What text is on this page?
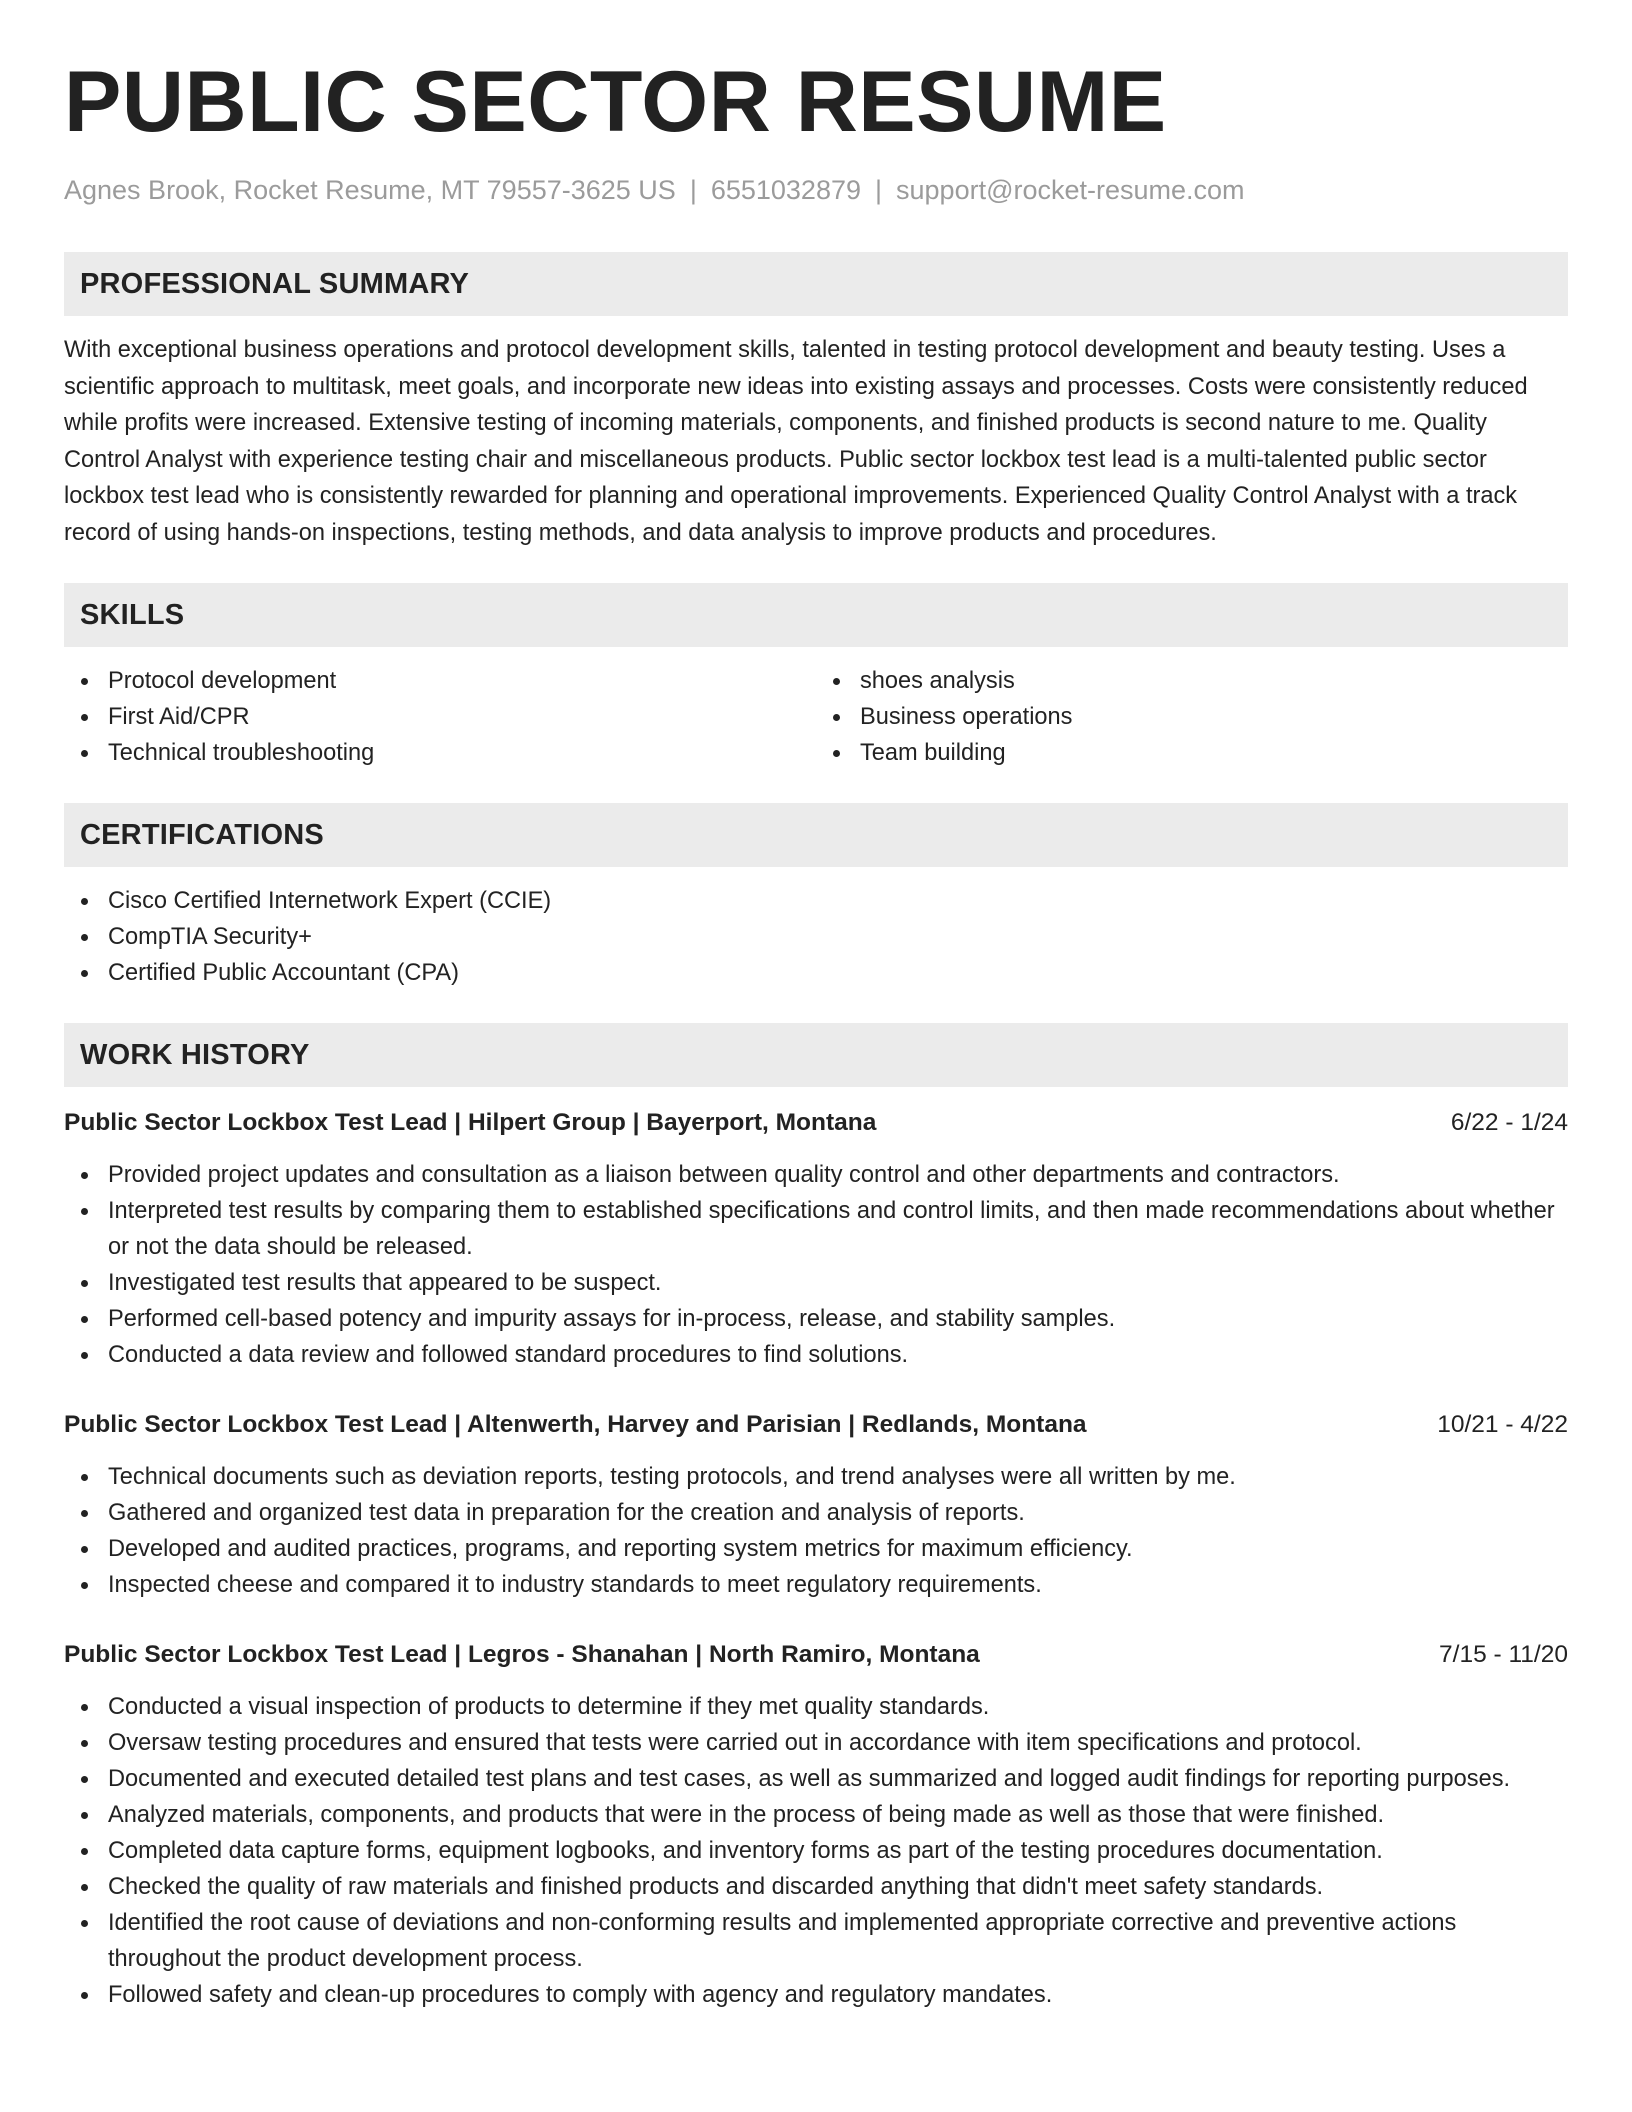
PUBLIC SECTOR RESUME
Agnes Brook, Rocket Resume, MT 79557-3625 US | 6551032879 | support@rocket-resume.com
PROFESSIONAL SUMMARY
With exceptional business operations and protocol development skills, talented in testing protocol development and beauty testing. Uses a scientific approach to multitask, meet goals, and incorporate new ideas into existing assays and processes. Costs were consistently reduced while profits were increased. Extensive testing of incoming materials, components, and finished products is second nature to me. Quality Control Analyst with experience testing chair and miscellaneous products. Public sector lockbox test lead is a multi-talented public sector lockbox test lead who is consistently rewarded for planning and operational improvements. Experienced Quality Control Analyst with a track record of using hands-on inspections, testing methods, and data analysis to improve products and procedures.
SKILLS
Protocol development
First Aid/CPR
Technical troubleshooting
shoes analysis
Business operations
Team building
CERTIFICATIONS
Cisco Certified Internetwork Expert (CCIE)
CompTIA Security+
Certified Public Accountant (CPA)
WORK HISTORY
Public Sector Lockbox Test Lead | Hilpert Group | Bayerport, Montana	6/22 - 1/24
Provided project updates and consultation as a liaison between quality control and other departments and contractors.
Interpreted test results by comparing them to established specifications and control limits, and then made recommendations about whether or not the data should be released.
Investigated test results that appeared to be suspect.
Performed cell-based potency and impurity assays for in-process, release, and stability samples.
Conducted a data review and followed standard procedures to find solutions.
Public Sector Lockbox Test Lead | Altenwerth, Harvey and Parisian | Redlands, Montana	10/21 - 4/22
Technical documents such as deviation reports, testing protocols, and trend analyses were all written by me.
Gathered and organized test data in preparation for the creation and analysis of reports.
Developed and audited practices, programs, and reporting system metrics for maximum efficiency.
Inspected cheese and compared it to industry standards to meet regulatory requirements.
Public Sector Lockbox Test Lead | Legros - Shanahan | North Ramiro, Montana	7/15 - 11/20
Conducted a visual inspection of products to determine if they met quality standards.
Oversaw testing procedures and ensured that tests were carried out in accordance with item specifications and protocol.
Documented and executed detailed test plans and test cases, as well as summarized and logged audit findings for reporting purposes.
Analyzed materials, components, and products that were in the process of being made as well as those that were finished.
Completed data capture forms, equipment logbooks, and inventory forms as part of the testing procedures documentation.
Checked the quality of raw materials and finished products and discarded anything that didn't meet safety standards.
Identified the root cause of deviations and non-conforming results and implemented appropriate corrective and preventive actions throughout the product development process.
Followed safety and clean-up procedures to comply with agency and regulatory mandates.
